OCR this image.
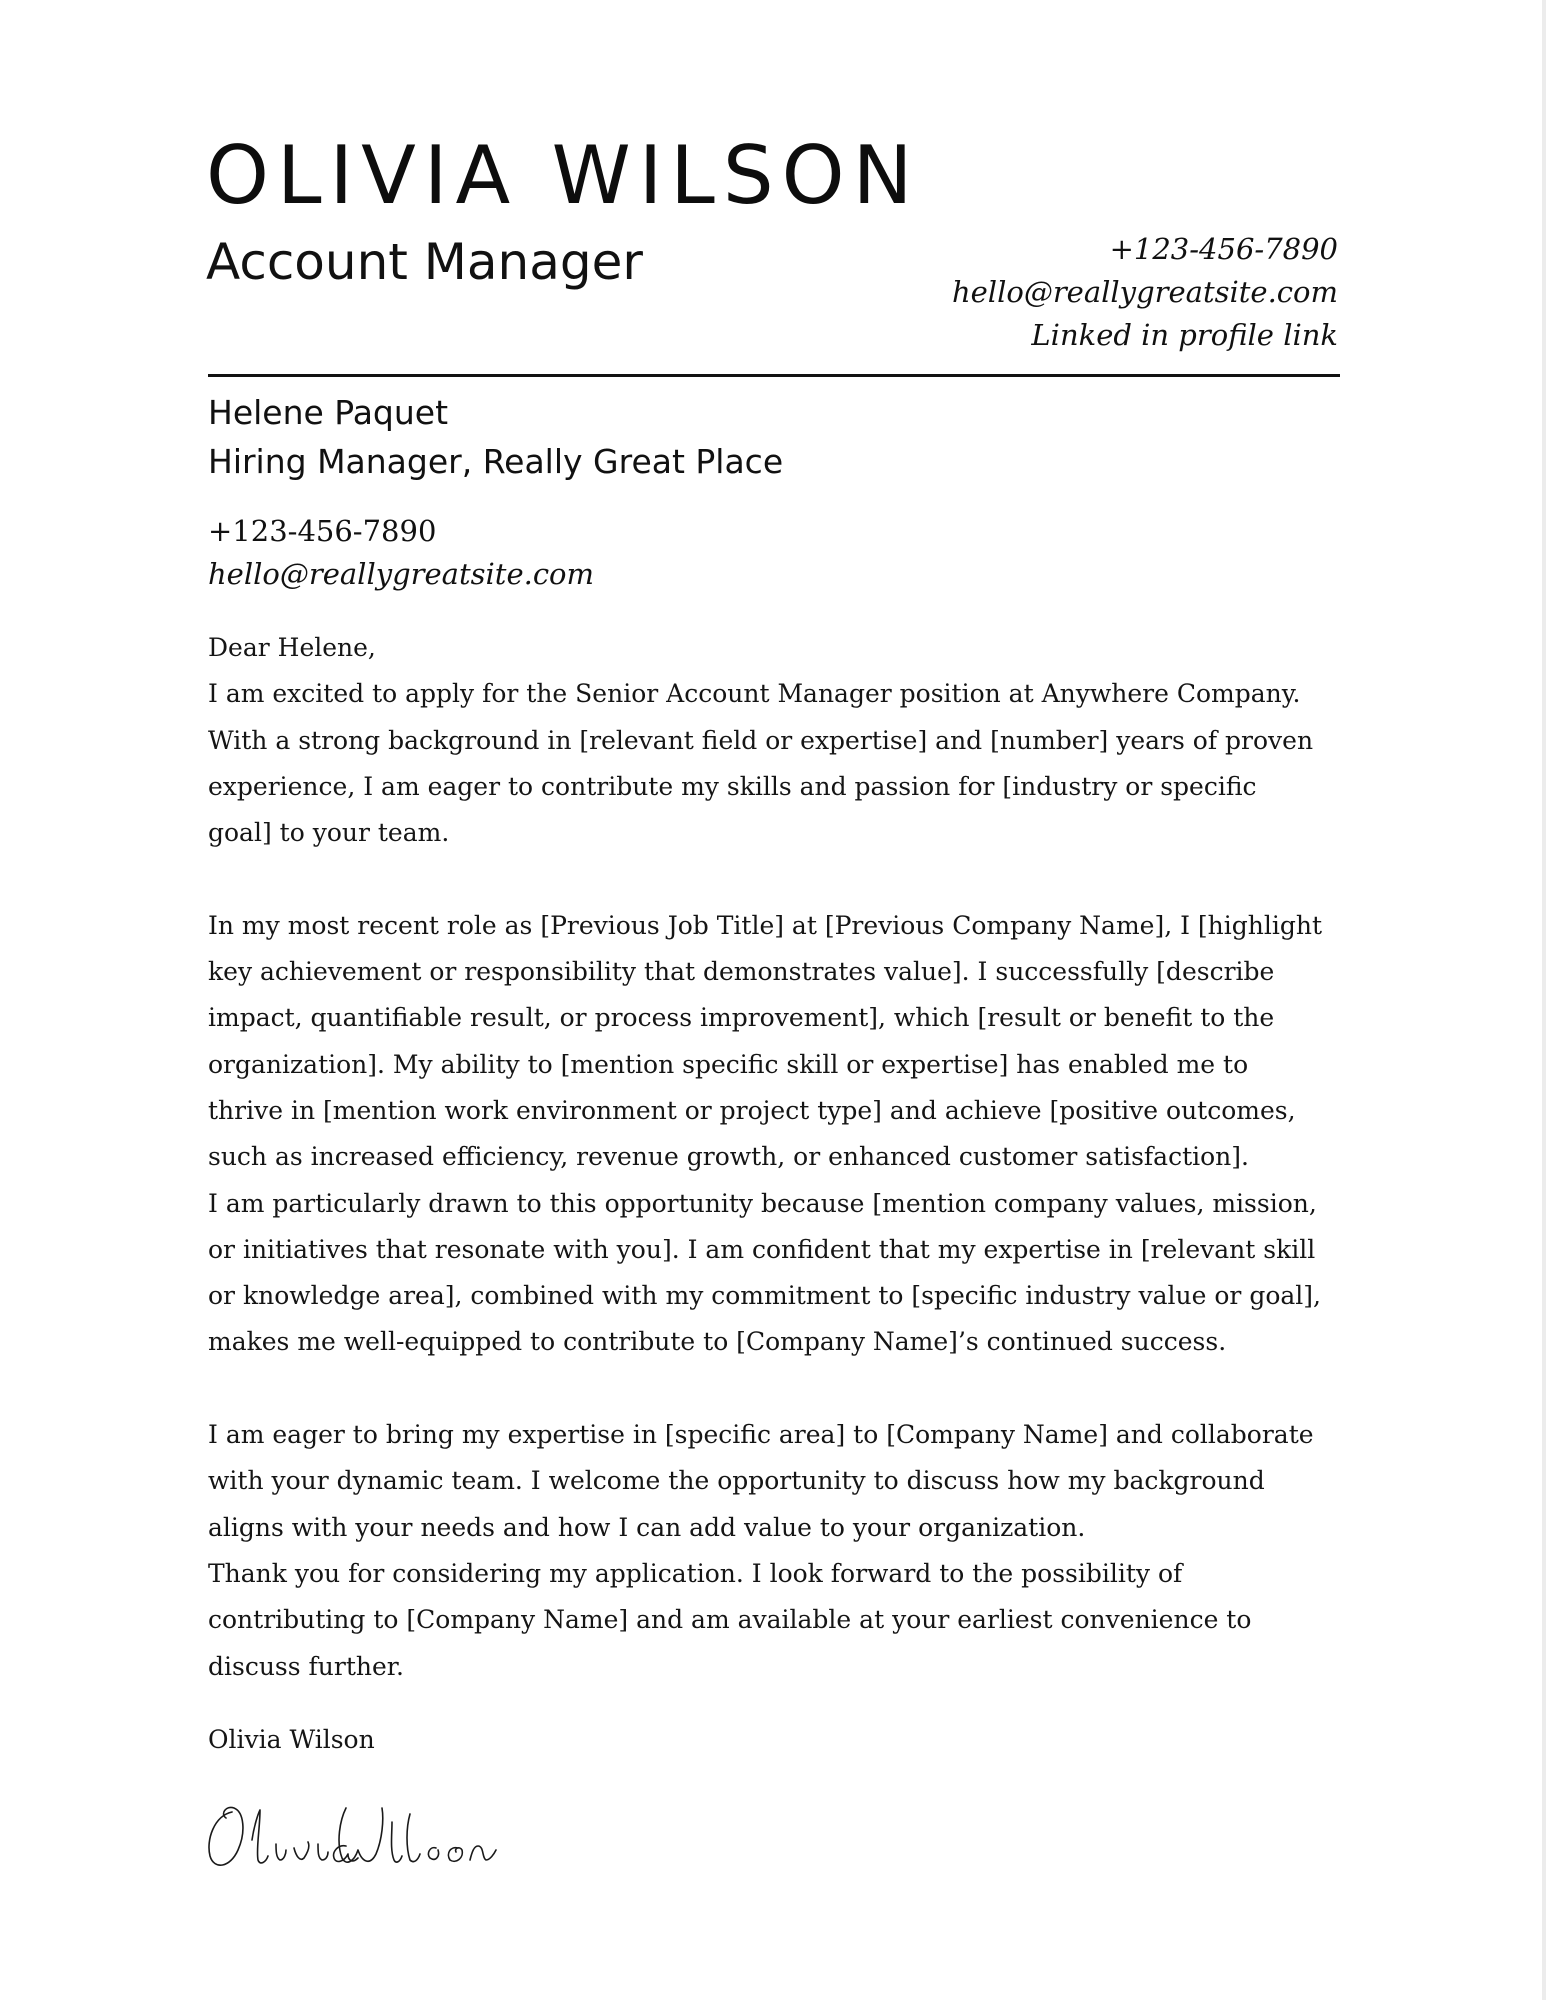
OLIVIA WILSON
Account Manager	+123-456-7890
hello@reallygreatsite.com
Linked in profile link
Helene Paquet
Hiring Manager, Really Great Place
+123-456-7890
hello@reallygreatsite.com

Dear Helene,

I am excited to apply for the Senior Account Manager position at Anywhere Company.

With a strong background in [relevant field or expertise] and [number] years of proven

experience, I am eager to contribute my skills and passion for [industry or specific

goal] to your team.

In my most recent role as [Previous Job Title] at [Previous Company Name], I [highlight

key achievement or responsibility that demonstrates value]. I successfully [describe

impact, quantifiable result, or process improvement], which [result or benefit to the

organization]. My ability to [mention specific skill or expertise] has enabled me to

thrive in [mention work environment or project type] and achieve [positive outcomes,

such as increased efficiency, revenue growth, or enhanced customer satisfaction].

I am particularly drawn to this opportunity because [mention company values, mission,

or initiatives that resonate with you]. I am confident that my expertise in [relevant skill

or knowledge area], combined with my commitment to [specific industry value or goal],

makes me well-equipped to contribute to [Company Name]’s continued success.

I am eager to bring my expertise in [specific area] to [Company Name] and collaborate

with your dynamic team. I welcome the opportunity to discuss how my background

aligns with your needs and how I can add value to your organization.

Thank you for considering my application. I look forward to the possibility of

contributing to [Company Name] and am available at your earliest convenience to

discuss further.

Olivia Wilson
